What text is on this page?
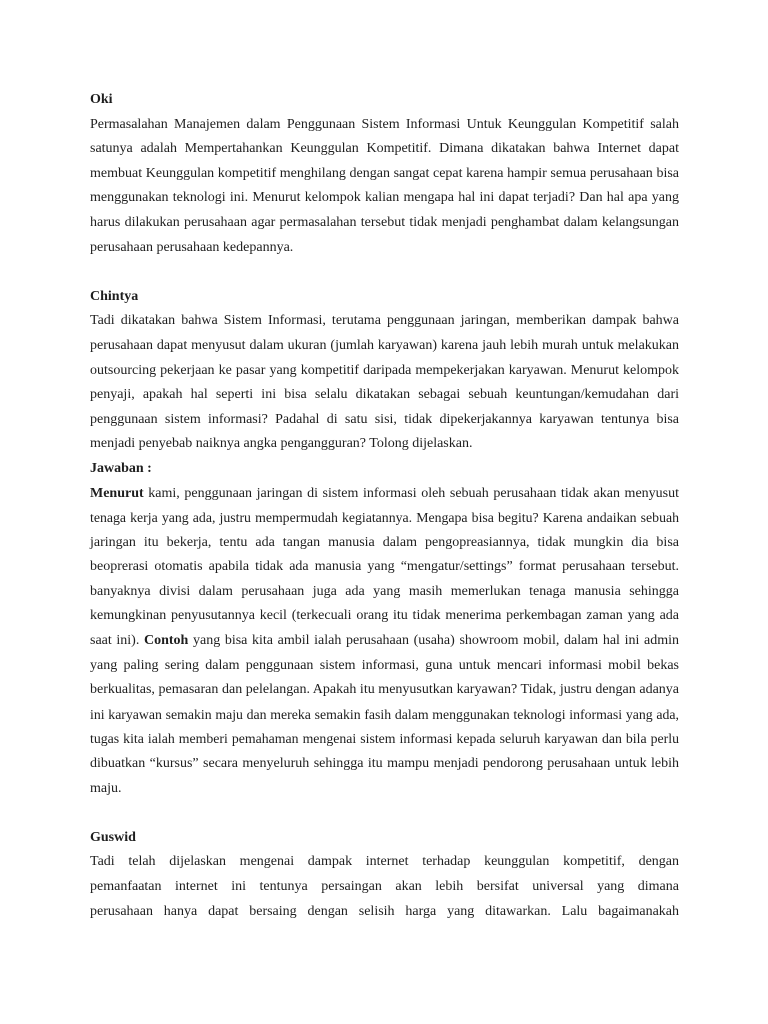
Oki
Permasalahan Manajemen dalam Penggunaan Sistem Informasi Untuk Keunggulan Kompetitif salah
satunya adalah Mempertahankan Keunggulan Kompetitif. Dimana dikatakan bahwa Internet dapat
membuat Keunggulan kompetitif menghilang dengan sangat cepat karena hampir semua perusahaan bisa
menggunakan teknologi ini. Menurut kelompok kalian mengapa hal ini dapat terjadi? Dan hal apa yang
harus dilakukan perusahaan agar permasalahan tersebut tidak menjadi penghambat dalam kelangsungan
perusahaan perusahaan kedepannya.
Chintya
Tadi dikatakan bahwa Sistem Informasi, terutama penggunaan jaringan, memberikan dampak bahwa
perusahaan dapat menyusut dalam ukuran (jumlah karyawan) karena jauh lebih murah untuk melakukan
outsourcing pekerjaan ke pasar yang kompetitif daripada mempekerjakan karyawan. Menurut kelompok
penyaji, apakah hal seperti ini bisa selalu dikatakan sebagai sebuah keuntungan/kemudahan dari
penggunaan sistem informasi? Padahal di satu sisi, tidak dipekerjakannya karyawan tentunya bisa
menjadi penyebab naiknya angka pengangguran? Tolong dijelaskan.
Jawaban :
Menurut kami, penggunaan jaringan di sistem informasi oleh sebuah perusahaan tidak akan menyusut
tenaga kerja yang ada, justru mempermudah kegiatannya. Mengapa bisa begitu? Karena andaikan sebuah
jaringan itu bekerja, tentu ada tangan manusia dalam pengopreasiannya, tidak mungkin dia bisa
beoprerasi otomatis apabila tidak ada manusia yang “mengatur/settings” format perusahaan tersebut.
banyaknya divisi dalam perusahaan juga ada yang masih memerlukan tenaga manusia sehingga
kemungkinan penyusutannya kecil (terkecuali orang itu tidak menerima perkembagan zaman yang ada
saat ini). Contoh yang bisa kita ambil ialah perusahaan (usaha) showroom mobil, dalam hal ini admin
yang paling sering dalam penggunaan sistem informasi, guna untuk mencari informasi mobil bekas
berkualitas, pemasaran dan pelelangan. Apakah itu menyusutkan karyawan? Tidak, justru dengan adanya
ini karyawan semakin maju dan mereka semakin fasih dalam menggunakan teknologi informasi yang ada,
tugas kita ialah memberi pemahaman mengenai sistem informasi kepada seluruh karyawan dan bila perlu
dibuatkan “kursus” secara menyeluruh sehingga itu mampu menjadi pendorong perusahaan untuk lebih
maju.
Guswid
Tadi telah dijelaskan mengenai dampak internet terhadap keunggulan kompetitif, dengan
pemanfaatan internet ini tentunya persaingan akan lebih bersifat universal yang dimana
perusahaan hanya dapat bersaing dengan selisih harga yang ditawarkan. Lalu bagaimanakah
